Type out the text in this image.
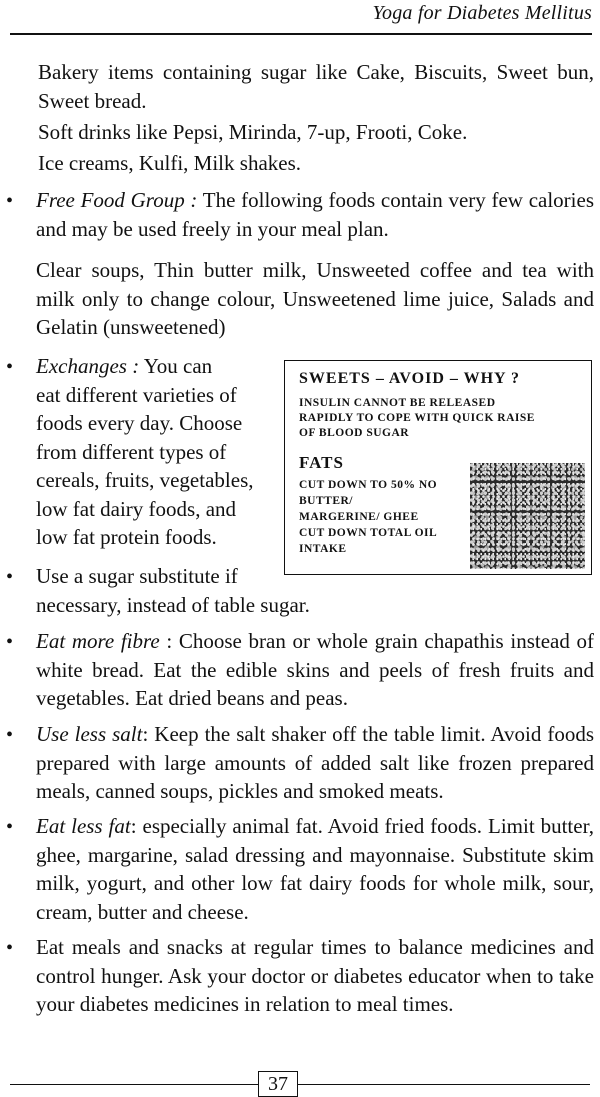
Yoga for Diabetes Mellitus

Bakery items containing sugar like Cake, Biscuits, Sweet bun, Sweet bread.

Soft drinks like Pepsi, Mirinda, 7-up, Frooti, Coke.

Ice creams, Kulfi, Milk shakes.

• Free Food Group : The following foods contain very few calories and may be used freely in your meal plan.

Clear soups, Thin butter milk, Unsweeted coffee and tea with milk only to change colour, Unsweetened lime juice, Salads and Gelatin (unsweetened)

• Exchanges : You can
eat different varieties of
foods every day. Choose
from different types of
cereals, fruits, vegetables,
low fat dairy foods, and
low fat protein foods.
SWEETS – AVOID – WHY ?
INSULIN CANNOT BE RELEASED
RAPIDLY TO COPE WITH QUICK RAISE
OF BLOOD SUGAR
FATS
CUT DOWN TO 50% NO
BUTTER/
MARGERINE/ GHEE
CUT DOWN TOTAL OIL
INTAKE
• Use a sugar substitute if
necessary, instead of table sugar.
• Eat more fibre : Choose bran or whole grain chapathis instead of white bread. Eat the edible skins and peels of fresh fruits and vegetables. Eat dried beans and peas.

• Use less salt: Keep the salt shaker off the table limit. Avoid foods prepared with large amounts of added salt like frozen prepared meals, canned soups, pickles and smoked meats.

• Eat less fat: especially animal fat. Avoid fried foods. Limit butter, ghee, margarine, salad dressing and mayonnaise. Substitute skim milk, yogurt, and other low fat dairy foods for whole milk, sour, cream, butter and cheese.

• Eat meals and snacks at regular times to balance medicines and control hunger. Ask your doctor or diabetes educator when to take your diabetes medicines in relation to meal times.

37
